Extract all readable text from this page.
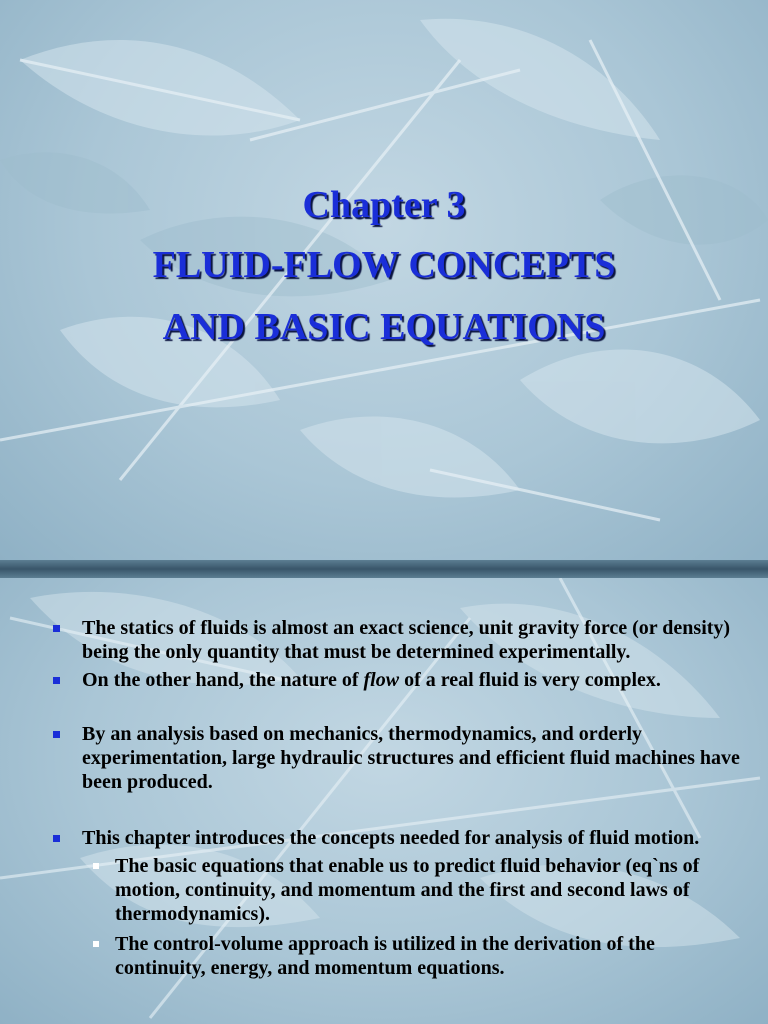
Chapter 3
FLUID-FLOW CONCEPTS
AND BASIC EQUATIONS
The statics of fluids is almost an exact science, unit gravity force (or density) being the only quantity that must be determined experimentally.
On the other hand, the nature of flow of a real fluid is very complex.
By an analysis based on mechanics, thermodynamics, and orderly experimentation, large hydraulic structures and efficient fluid machines have been produced.
This chapter introduces the concepts needed for analysis of fluid motion.
The basic equations that enable us to predict fluid behavior (eq`ns of motion, continuity, and momentum and the first and second laws of thermodynamics).
The control-volume approach is utilized in the derivation of the continuity, energy, and momentum equations.
